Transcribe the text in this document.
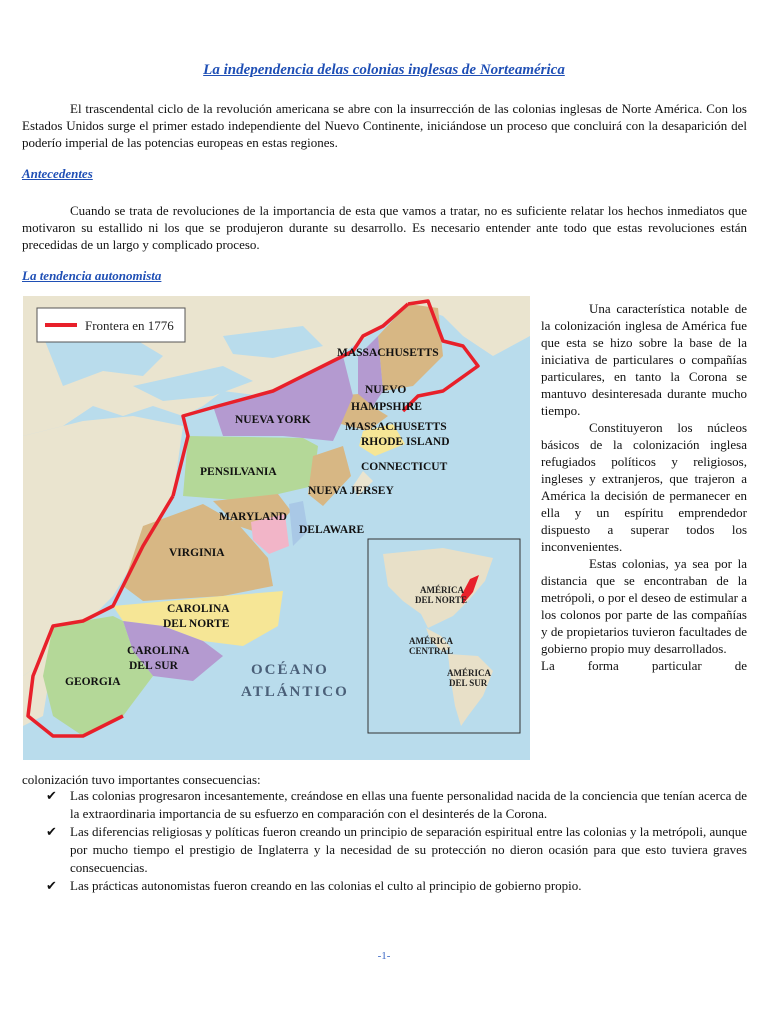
La independencia delas colonias inglesas de Norteamérica

El trascendental ciclo de la revolución americana se abre con la insurrección de las colonias inglesas de Norte América. Con los Estados Unidos surge el primer estado independiente del Nuevo Continente, iniciándose un proceso que concluirá con la desaparición del poderío imperial de las potencias europeas en estas regiones.

Antecedentes

Cuando se trata de revoluciones de la importancia de esta que vamos a tratar, no es suficiente relatar los hechos inmediatos que motivaron su estallido ni los que se produjeron durante su desarrollo. Es necesario entender ante todo que estas revoluciones están precedidas de un largo y complicado proceso.

La tendencia autonomista
Frontera en 1776
MASSACHUSETTS
NUEVO
HAMPSHIRE
MASSACHUSETTS
RHODE ISLAND
NUEVA YORK
CONNECTICUT
PENSILVANIA
NUEVA JERSEY
MARYLAND
DELAWARE
VIRGINIA
CAROLINA
DEL NORTE
CAROLINA
DEL SUR
GEORGIA
OCÉANO
ATLÁNTICO
AMÉRICA
DEL NORTE
AMÉRICA
CENTRAL
AMÉRICA
DEL SUR

Una característica notable de la colonización inglesa de América fue que esta se hizo sobre la base de la iniciativa de particulares o compañías particulares, en tanto la Corona se mantuvo desinteresada durante mucho tiempo.

Constituyeron los núcleos básicos de la colonización inglesa refugiados políticos y religiosos, ingleses y extranjeros, que trajeron a América la decisión de permanecer en ella y un espíritu emprendedor dispuesto a superar todos los inconvenientes.

Estas colonias, ya sea por la distancia que se encontraban de la metrópoli, o por el deseo de estimular a los colonos por parte de las compañías y de propietarios tuvieron facultades de gobierno propio muy desarrollados.

La forma particular de

colonización tuvo importantes consecuencias:
✔ Las colonias progresaron incesantemente, creándose en ellas una fuente personalidad nacida de la conciencia que tenían acerca de la extraordinaria importancia de su esfuerzo en comparación con el desinterés de la Corona.
✔ Las diferencias religiosas y políticas fueron creando un principio de separación espiritual entre las colonias y la metrópoli, aunque por mucho tiempo el prestigio de Inglaterra y la necesidad de su protección no dieron ocasión para que esto tuviera graves consecuencias.
✔ Las prácticas autonomistas fueron creando en las colonias el culto al principio de gobierno propio.
-1-
